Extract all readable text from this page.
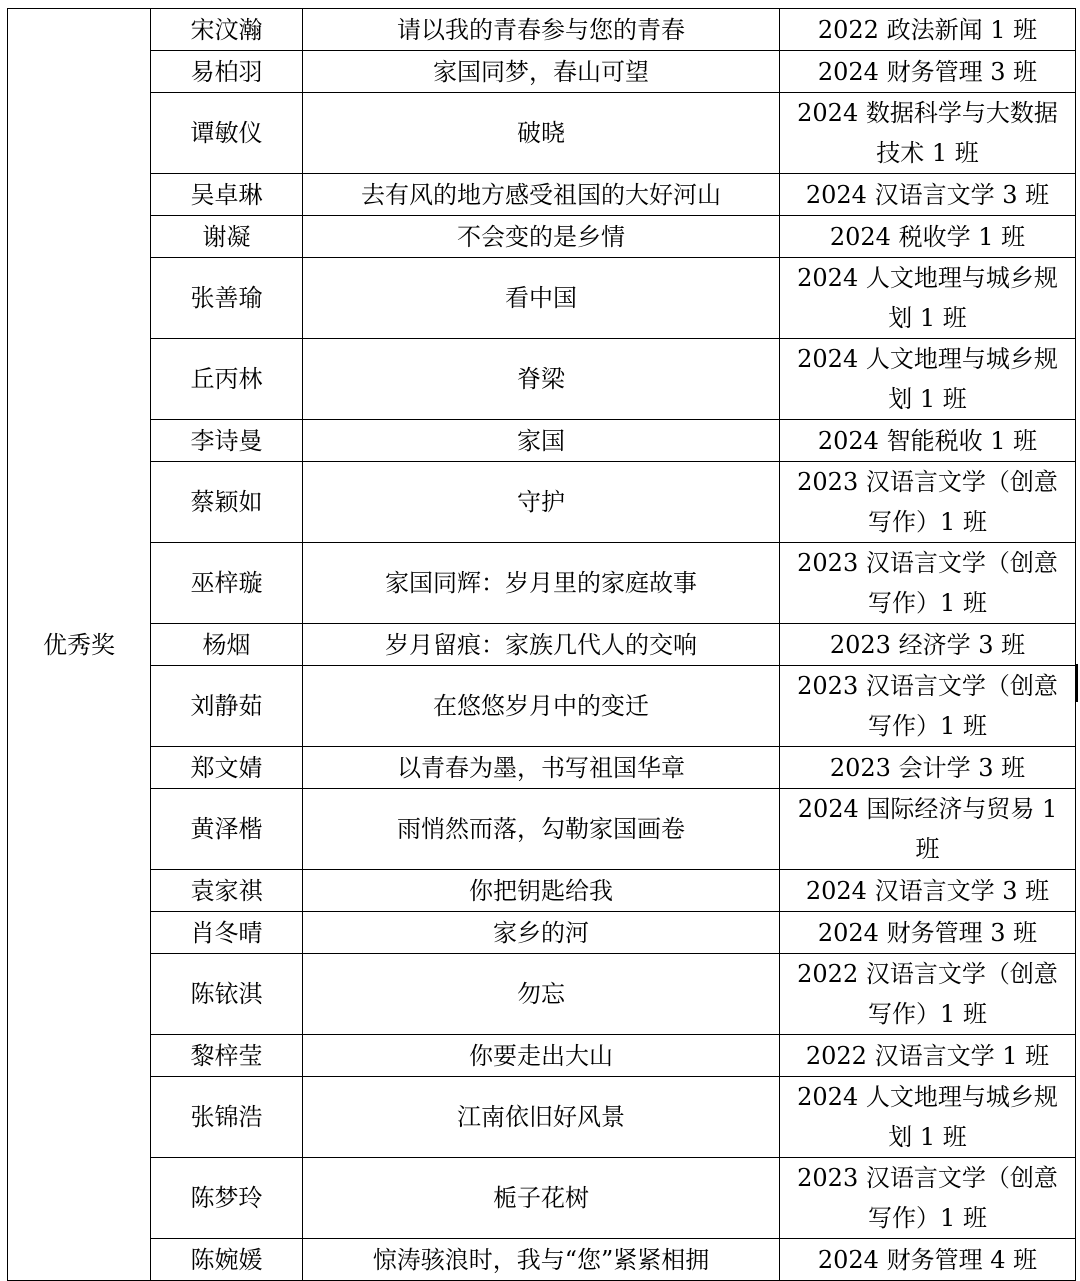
优秀奖	宋汶瀚	请以我的青春参与您的青春	2022 政法新闻 1 班
	易柏羽	家国同梦，春山可望	2024 财务管理 3 班
	谭敏仪	破晓	2024 数据科学与大数据技术 1 班
	吴卓琳	去有风的地方感受祖国的大好河山	2024 汉语言文学 3 班
	谢凝	不会变的是乡情	2024 税收学 1 班
	张善瑜	看中国	2024 人文地理与城乡规划 1 班
	丘丙林	脊梁	2024 人文地理与城乡规划 1 班
	李诗曼	家国	2024 智能税收 1 班
	蔡颖如	守护	2023 汉语言文学（创意写作）1 班
	巫梓璇	家国同辉：岁月里的家庭故事	2023 汉语言文学（创意写作）1 班
	杨烟	岁月留痕：家族几代人的交响	2023 经济学 3 班
	刘静茹	在悠悠岁月中的变迁	2023 汉语言文学（创意写作）1 班
	郑文婧	以青春为墨，书写祖国华章	2023 会计学 3 班
	黄泽楷	雨悄然而落，勾勒家国画卷	2024 国际经济与贸易 1 班
	袁家祺	你把钥匙给我	2024 汉语言文学 3 班
	肖冬晴	家乡的河	2024 财务管理 3 班
	陈铱淇	勿忘	2022 汉语言文学（创意写作）1 班
	黎梓莹	你要走出大山	2022 汉语言文学 1 班
	张锦浩	江南依旧好风景	2024 人文地理与城乡规划 1 班
	陈梦玲	栀子花树	2023 汉语言文学（创意写作）1 班
	陈婉媛	惊涛骇浪时，我与“您”紧紧相拥	2024 财务管理 4 班
